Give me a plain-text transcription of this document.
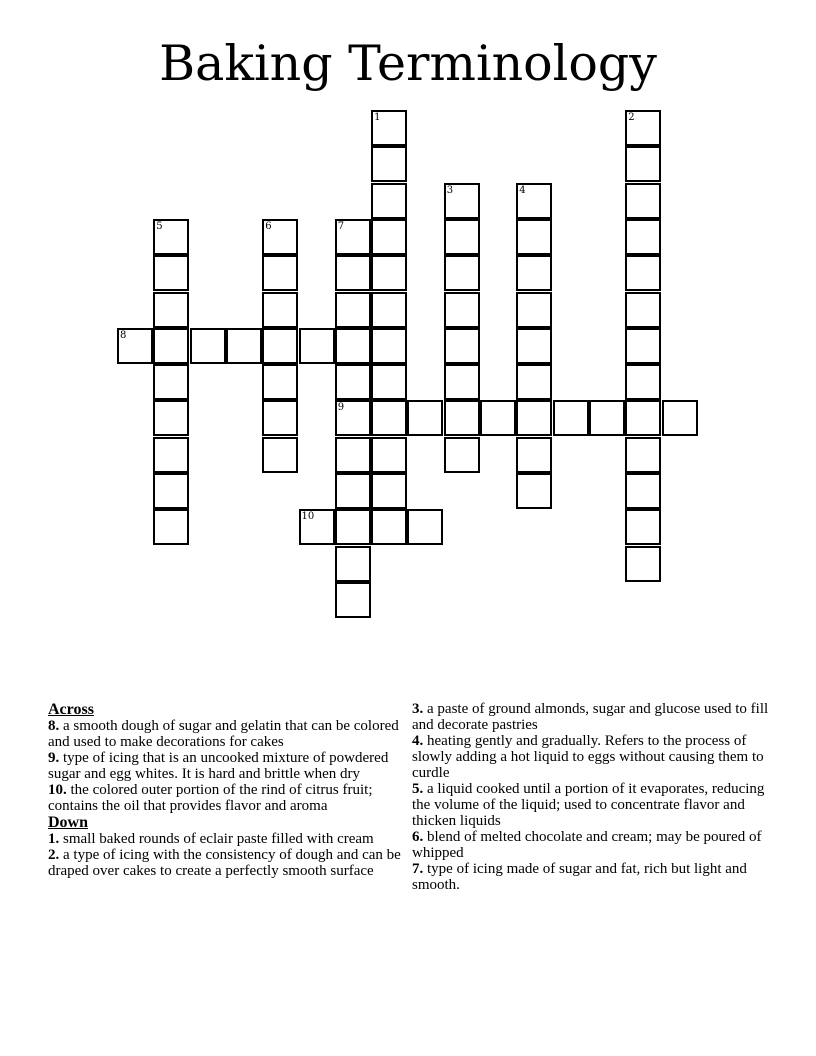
Baking Terminology
1	2
3	4
5	6	7
9
8
10
Across
8. a smooth dough of sugar and gelatin that can be colored and used to make decorations for cakes
9. type of icing that is an uncooked mixture of powdered sugar and egg whites. It is hard and brittle when dry
10. the colored outer portion of the rind of citrus fruit; contains the oil that provides flavor and aroma
Down
1. small baked rounds of eclair paste filled with cream
2. a type of icing with the consistency of dough and can be draped over cakes to create a perfectly smooth surface
3. a paste of ground almonds, sugar and glucose used to fill and decorate pastries
4. heating gently and gradually. Refers to the process of slowly adding a hot liquid to eggs without causing them to curdle
5. a liquid cooked until a portion of it evaporates, reducing the volume of the liquid; used to concentrate flavor and thicken liquids
6. blend of melted chocolate and cream; may be poured of whipped
7. type of icing made of sugar and fat, rich but light and smooth.
